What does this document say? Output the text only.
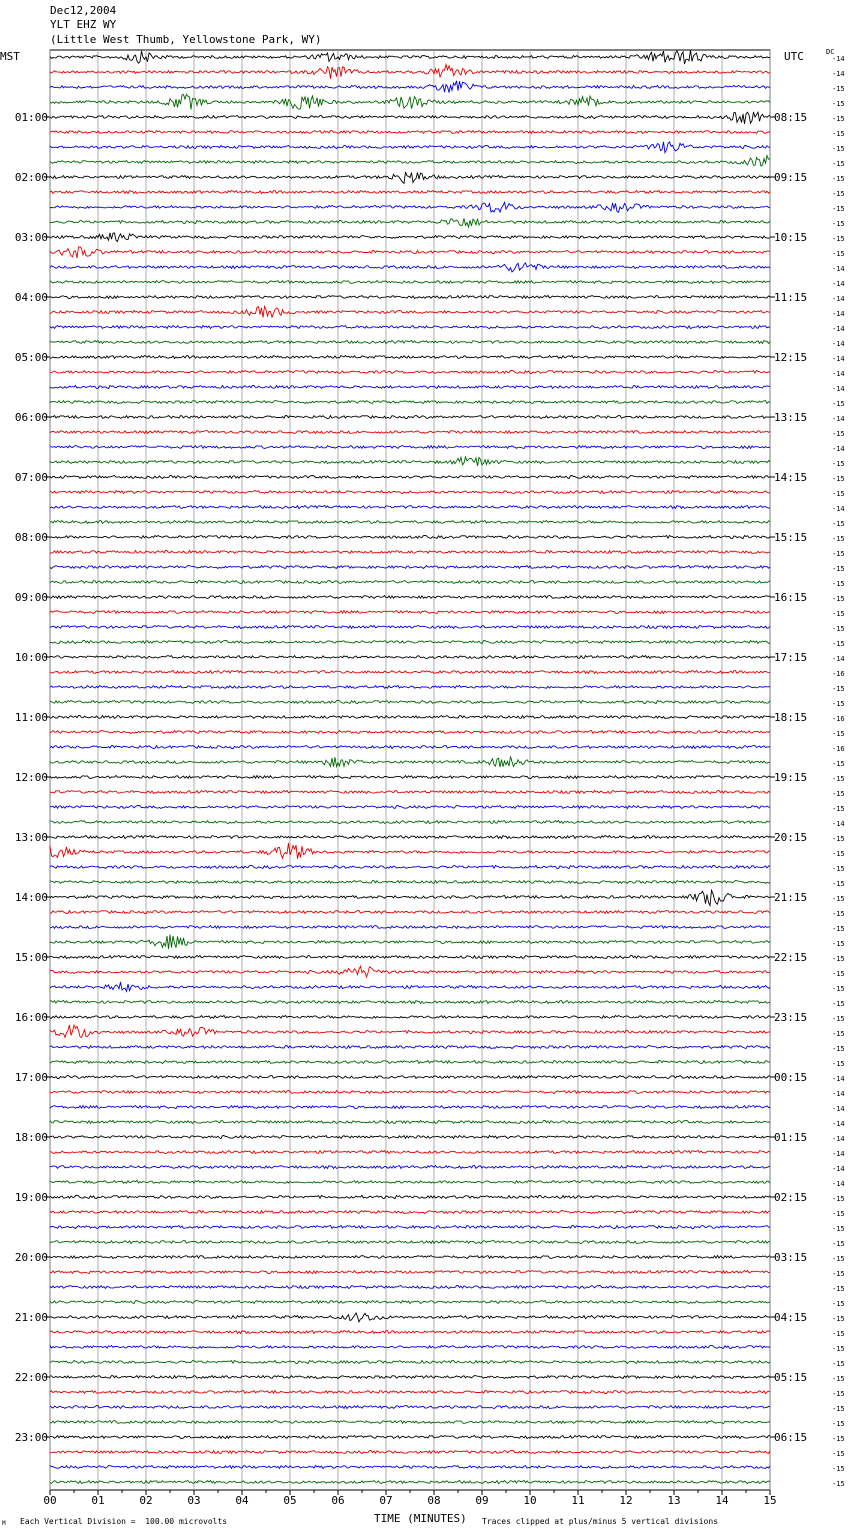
Dec12,2004
YLT EHZ WY
(Little West Thumb, Yellowstone Park, WY)
MST	UTC	DC
00	01	02	03	04	05	06	07	08	09	10	11	12	13	14	15
-14
-14
-15
-15
-15
-15
-15
-15
-15
-15
-15
-15
-15
-15
-14
-14
-14
-14
-14
-14
-14
-14
-14
-15
-14
-15
-14
-15
-15
-15
-14
-15
-15
-15
-15
-15
-15
-15
-15
-15
-14
-16
-15
-15
-16
-15
-16
-15
-15
-15
-15
-14
-15
-15
-15
-15
-15
-15
-15
-15
-15
-15
-15
-15
-15
-15
-15
-15
-14
-14
-14
-14
-14
-14
-14
-14
-15
-15
-15
-15
-15
-15
-15
-15
-15
-15
-15
-15
-15
-15
-15
-15
-15
-15
-15
-15
01:00
02:00
03:00
04:00
05:00
06:00
07:00
08:00
09:00
10:00
11:00
12:00
13:00
14:00
15:00
16:00
17:00
18:00
19:00
20:00
21:00
22:00
23:00
08:15
09:15
10:15
11:15
12:15
13:15
14:15
15:15
16:15
17:15
18:15
19:15
20:15
21:15
22:15
23:15
00:15
01:15
02:15
03:15
04:15
05:15
06:15
Each Vertical Division =  100.00 microvolts	TIME (MINUTES) Traces clipped at plus/minus 5 vertical divisions
M
